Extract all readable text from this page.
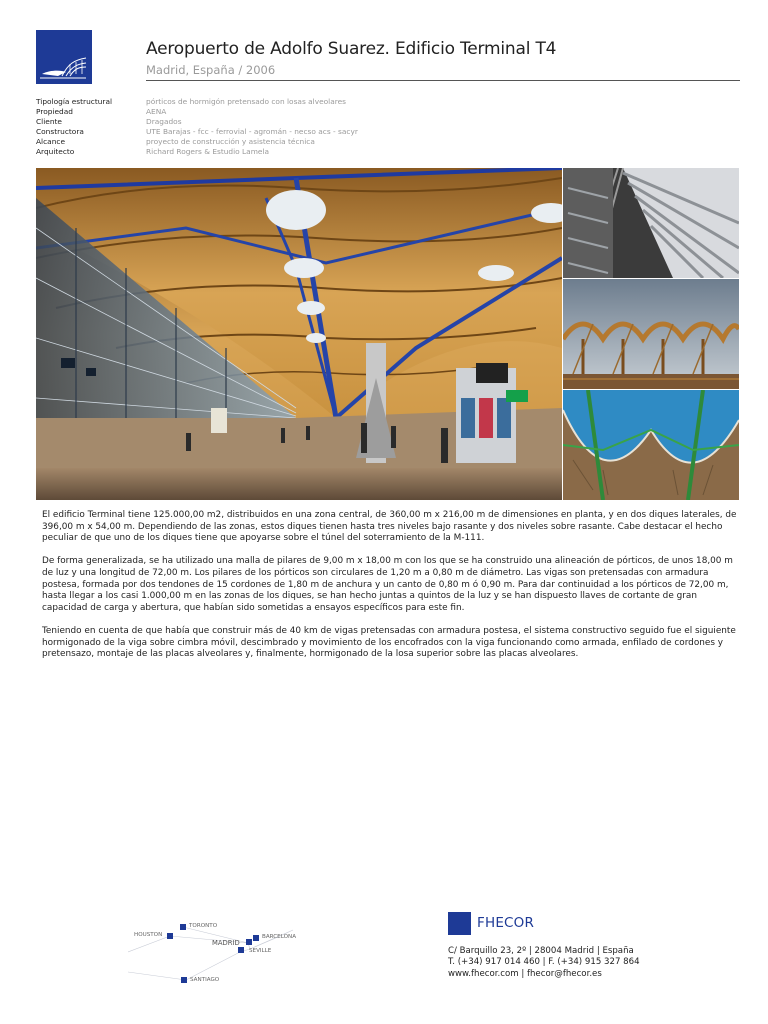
Aeropuerto de Adolfo Suarez. Edificio Terminal T4
Madrid, España / 2006
Tipología estructural	pórticos de hormigón pretensado con losas alveolares
Propiedad	AENA
Cliente	Dragados
Constructora	UTE Barajas - fcc - ferrovial - agromán - necso acs - sacyr
Alcance	proyecto de construcción y asistencia técnica
Arquitecto	Richard Rogers & Estudio Lamela

El edificio Terminal tiene 125.000,00 m2, distribuidos en una zona central, de 360,00 m x 216,00 m de dimensiones en planta, y en dos diques laterales, de 396,00 m x 54,00 m. Dependiendo de las zonas, estos diques tienen hasta tres niveles bajo rasante y dos niveles sobre rasante. Cabe destacar el hecho peculiar de que uno de los diques tiene que apoyarse sobre el túnel del soterramiento de la M-111.

De forma generalizada, se ha utilizado una malla de pilares de 9,00 m x 18,00 m con los que se ha construido una alineación de pórticos, de unos 18,00 m de luz y una longitud de 72,00 m. Los pilares de los pórticos son circulares de 1,20 m a 0,80 m de diámetro. Las vigas son pretensadas con armadura postesa, formada por dos tendones de 15 cordones de 1,80 m de anchura y un canto de 0,80 m ó 0,90 m. Para dar continuidad a los pórticos de 72,00 m, hasta llegar a los casi 1.000,00 m en las zonas de los diques, se han hecho juntas a quintos de la luz y se han dispuesto llaves de cortante de gran capacidad de carga y abertura, que habían sido sometidas a ensayos específicos para este fin.

Teniendo en cuenta de que había que construir más de 40 km de vigas pretensadas con armadura postesa, el sistema constructivo seguido fue el siguiente hormigonado de la viga sobre cimbra móvil, descimbrado y movimiento de los encofrados con la viga funcionando como armada, enfilado de cordones y pretensazo, montaje de las placas alveolares y, finalmente, hormigonado de la losa superior sobre las placas alveolares.

TORONTO
HOUSTON
MADRID
BARCELONA
SEVILLE
SANTIAGO
FHECOR
C/ Barquillo 23, 2º | 28004 Madrid | España
T. (+34) 917 014 460 | F. (+34) 915 327 864
www.fhecor.com | fhecor@fhecor.es
